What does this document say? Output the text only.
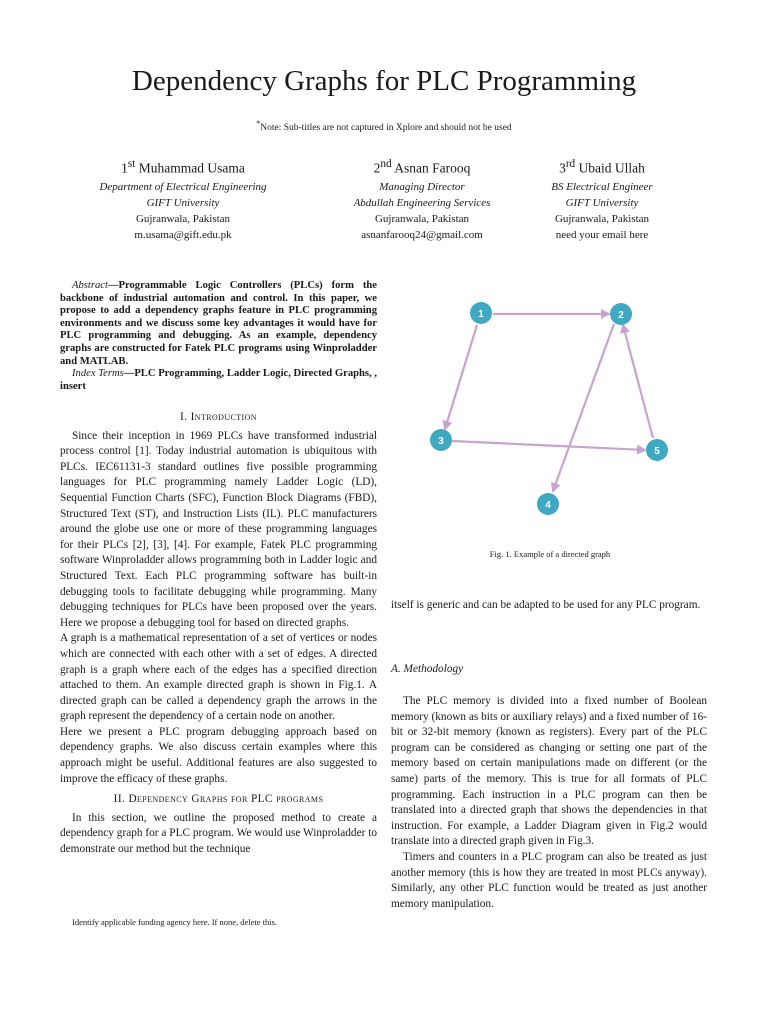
Dependency Graphs for PLC Programming
*Note: Sub-titles are not captured in Xplore and should not be used
1st Muhammad Usama
Department of Electrical Engineering
GIFT University
Gujranwala, Pakistan
m.usama@gift.edu.pk
2nd Asnan Farooq
Managing Director
Abdullah Engineering Services
Gujranwala, Pakistan
asnanfarooq24@gmail.com
3rd Ubaid Ullah
BS Electrical Engineer
GIFT University
Gujranwala, Pakistan
need your email here

Abstract—Programmable Logic Controllers (PLCs) form the backbone of industrial automation and control. In this paper, we propose to add a dependency graphs feature in PLC programming environments and we discuss some key advantages it would have for PLC programming and debugging. As an example, dependency graphs are constructed for Fatek PLC programs using Winproladder and MATLAB.

Index Terms—PLC Programming, Ladder Logic, Directed Graphs, , insert

I. Introduction

Since their inception in 1969 PLCs have transformed industrial process control [1]. Today industrial automation is ubiquitous with PLCs. IEC61131-3 standard outlines five possible programming languages for PLC programming namely Ladder Logic (LD), Sequential Function Charts (SFC), Function Block Diagrams (FBD), Structured Text (ST), and Instruction Lists (IL). PLC manufacturers around the globe use one or more of these programming languages for their PLCs [2], [3], [4]. For example, Fatek PLC programming software Winproladder allows programming both in Ladder logic and Structured Text. Each PLC programming software has built-in debugging tools to facilitate debugging while programming. Many debugging techniques for PLCs have been proposed over the years. Here we propose a debugging tool for based on directed graphs.

A graph is a mathematical representation of a set of vertices or nodes which are connected with each other with a set of edges. A directed graph is a graph where each of the edges has a specified direction attached to them. An example directed graph is shown in Fig.1. A directed graph can be called a dependency graph the arrows in the graph represent the dependency of a certain node on another.

Here we present a PLC program debugging approach based on dependency graphs. We also discuss certain examples where this approach might be useful. Additional features are also suggested to improve the efficacy of these graphs.

II. Dependency Graphs for PLC programs

In this section, we outline the proposed method to create a dependency graph for a PLC program. We would use Winproladder to demonstrate our method but the technique

Identify applicable funding agency here. If none, delete this.
1	2
3
4
5
Fig. 1. Example of a directed graph

itself is generic and can be adapted to be used for any PLC program.

A. Methodology

The PLC memory is divided into a fixed number of Boolean memory (known as bits or auxiliary relays) and a fixed number of 16-bit or 32-bit memory (known as registers). Every part of the PLC program can be considered as changing or setting one part of the memory based on certain manipulations made on different (or the same) parts of the memory. This is true for all formats of PLC programming. Each instruction in a PLC program can then be translated into a directed graph that shows the dependencies in that instruction. For example, a Ladder Diagram given in Fig.2 would translate into a directed graph given in Fig.3.

Timers and counters in a PLC program can also be treated as just another memory (this is how they are treated in most PLCs anyway). Similarly, any other PLC function would be treated as just another memory manipulation.
